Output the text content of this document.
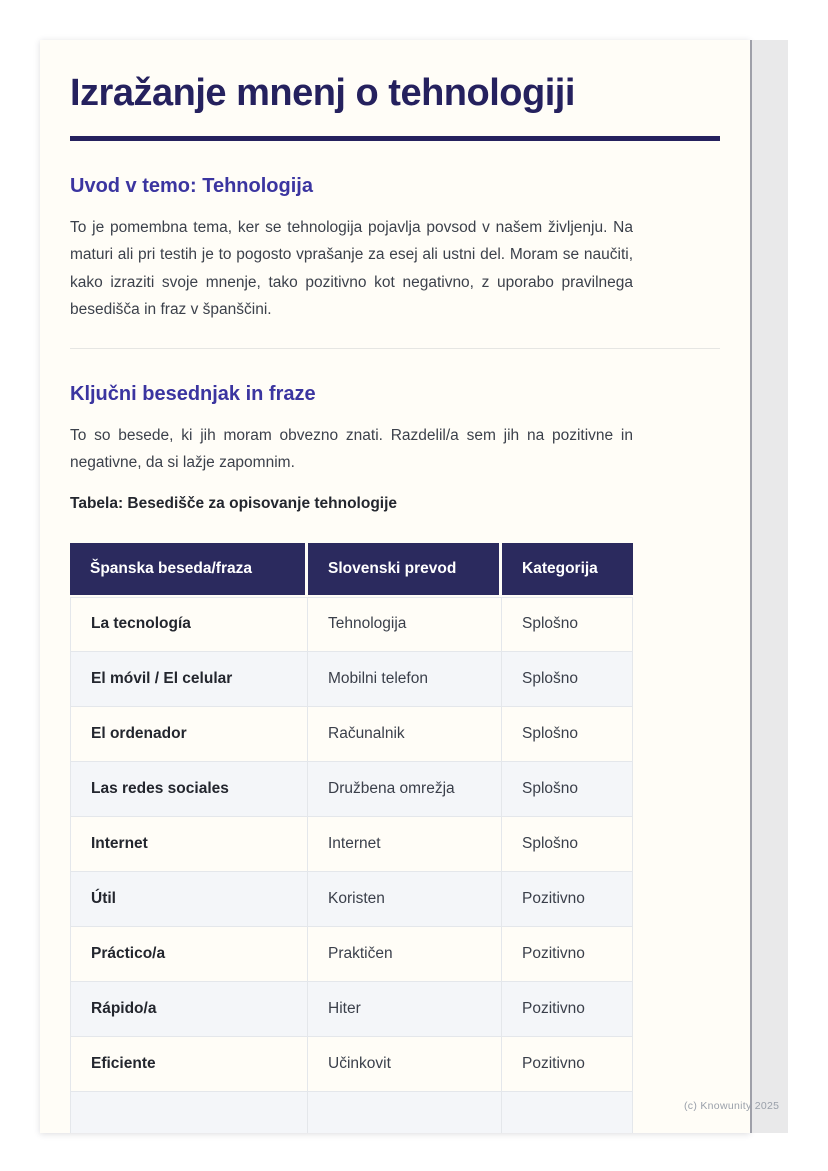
Izražanje mnenj o tehnologiji
Uvod v temo: Tehnologija

To je pomembna tema, ker se tehnologija pojavlja povsod v našem življenju. Na maturi ali pri testih je to pogosto vprašanje za esej ali ustni del. Moram se naučiti, kako izraziti svoje mnenje, tako pozitivno kot negativno, z uporabo pravilnega besedišča in fraz v španščini.

Ključni besednjak in fraze

To so besede, ki jih moram obvezno znati. Razdelil/a sem jih na pozitivne in negativne, da si lažje zapomnim.

Tabela: Besedišče za opisovanje tehnologije

Španska beseda/fraza	Slovenski prevod	Kategorija
La tecnología	Tehnologija	Splošno
El móvil / El celular	Mobilni telefon	Splošno
El ordenador	Računalnik	Splošno
Las redes sociales	Družbena omrežja	Splošno
Internet	Internet	Splošno
Útil	Koristen	Pozitivno
Práctico/a	Praktičen	Pozitivno
Rápido/a	Hiter	Pozitivno
Eficiente	Učinkovit	Pozitivno

(c) Knowunity 2025
